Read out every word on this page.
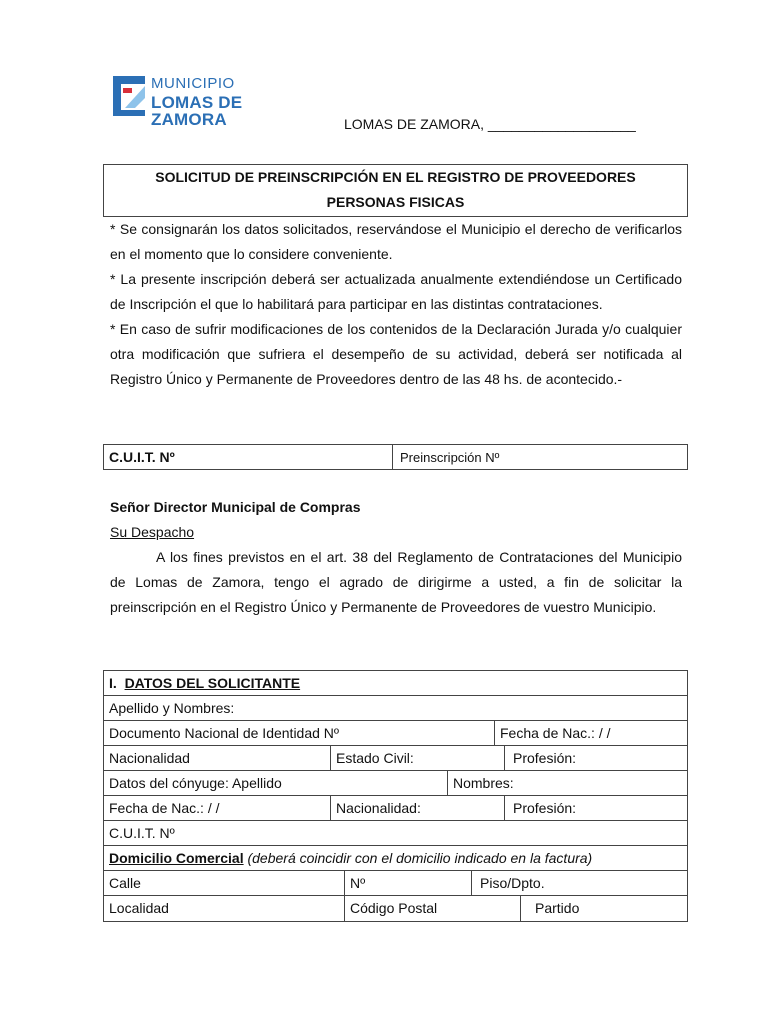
MUNICIPIO
LOMAS DE ZAMORA	LOMAS DE ZAMORA, ___________________
SOLICITUD DE PREINSCRIPCIÓN EN EL REGISTRO DE PROVEEDORES
PERSONAS FISICAS

* Se consignarán los datos solicitados, reservándose el Municipio el derecho de verificarlos en el momento que lo considere conveniente.

* La presente inscripción deberá ser actualizada anualmente extendiéndose un Certificado de Inscripción el que lo habilitará para participar en las distintas contrataciones.

* En caso de sufrir modificaciones de los contenidos de la Declaración Jurada y/o cualquier otra modificación que sufriera el desempeño de su actividad, deberá ser notificada al Registro Único y Permanente de Proveedores dentro de las 48 hs. de acontecido.-

C.U.I.T. Nº	Preinscripción Nº
Señor Director Municipal de Compras
Su Despacho

A los fines previstos en el art. 38 del Reglamento de Contrataciones del Municipio de Lomas de Zamora, tengo el agrado de dirigirme a usted, a fin de solicitar la preinscripción en el Registro Único y Permanente de Proveedores de vuestro Municipio.

I. DATOS DEL SOLICITANTE
Apellido y Nombres:
Documento Nacional de Identidad Nº	Fecha de Nac.: / /
Nacionalidad	Estado Civil:	Profesión:
Datos del cónyuge: Apellido	Nombres:
Fecha de Nac.: / /	Nacionalidad:	Profesión:
C.U.I.T. Nº
Domicilio Comercial (deberá coincidir con el domicilio indicado en la factura)
Calle	Nº	Piso/Dpto.
Localidad	Código Postal	Partido
